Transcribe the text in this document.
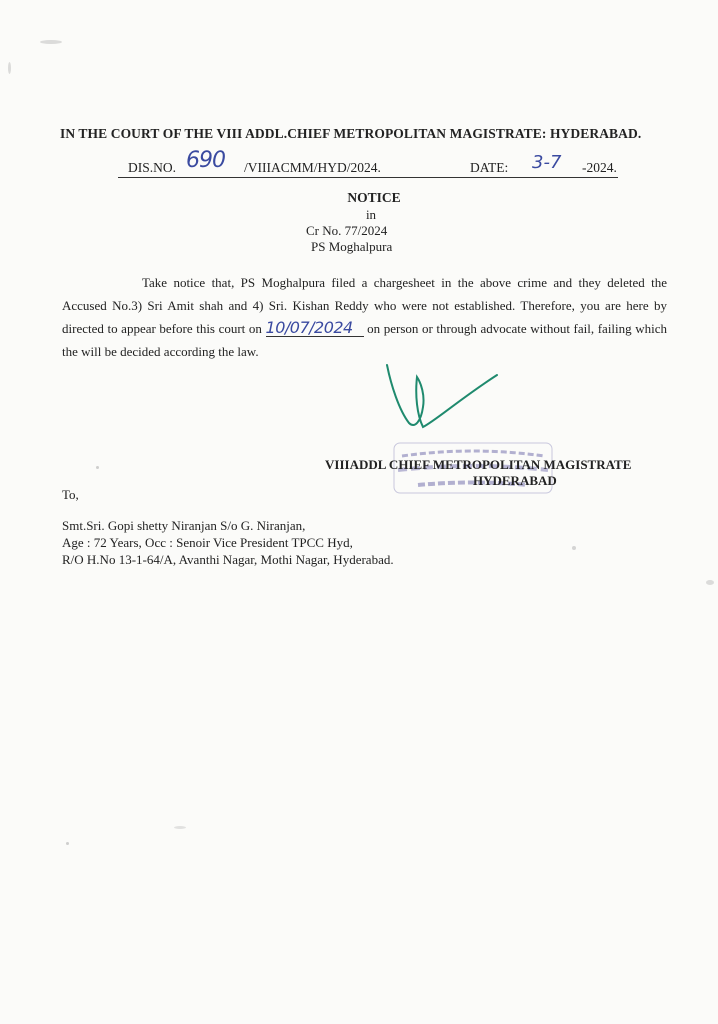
IN THE COURT OF THE VIII ADDL.CHIEF METROPOLITAN MAGISTRATE: HYDERABAD.
DIS.NO. 690 /VIIIACMM/HYD/2024.	DATE: 3-7 -2024.
NOTICE
in
Cr No. 77/2024
PS Moghalpura
Take notice that, PS Moghalpura filed a chargesheet in the above crime and they deleted the Accused No.3) Sri Amit shah and 4) Sri. Kishan Reddy who were not established. Therefore, you are here by directed to appear before this court on 10/07/2024 on person or through advocate without fail, failing which the will be decided according the law.
VIIIADDL CHIEF METROPOLITAN MAGISTRATE
HYDERABAD
To,
Smt.Sri. Gopi shetty Niranjan S/o G. Niranjan,
Age : 72 Years, Occ : Senoir Vice President TPCC Hyd,
R/O H.No 13-1-64/A, Avanthi Nagar, Mothi Nagar, Hyderabad.
